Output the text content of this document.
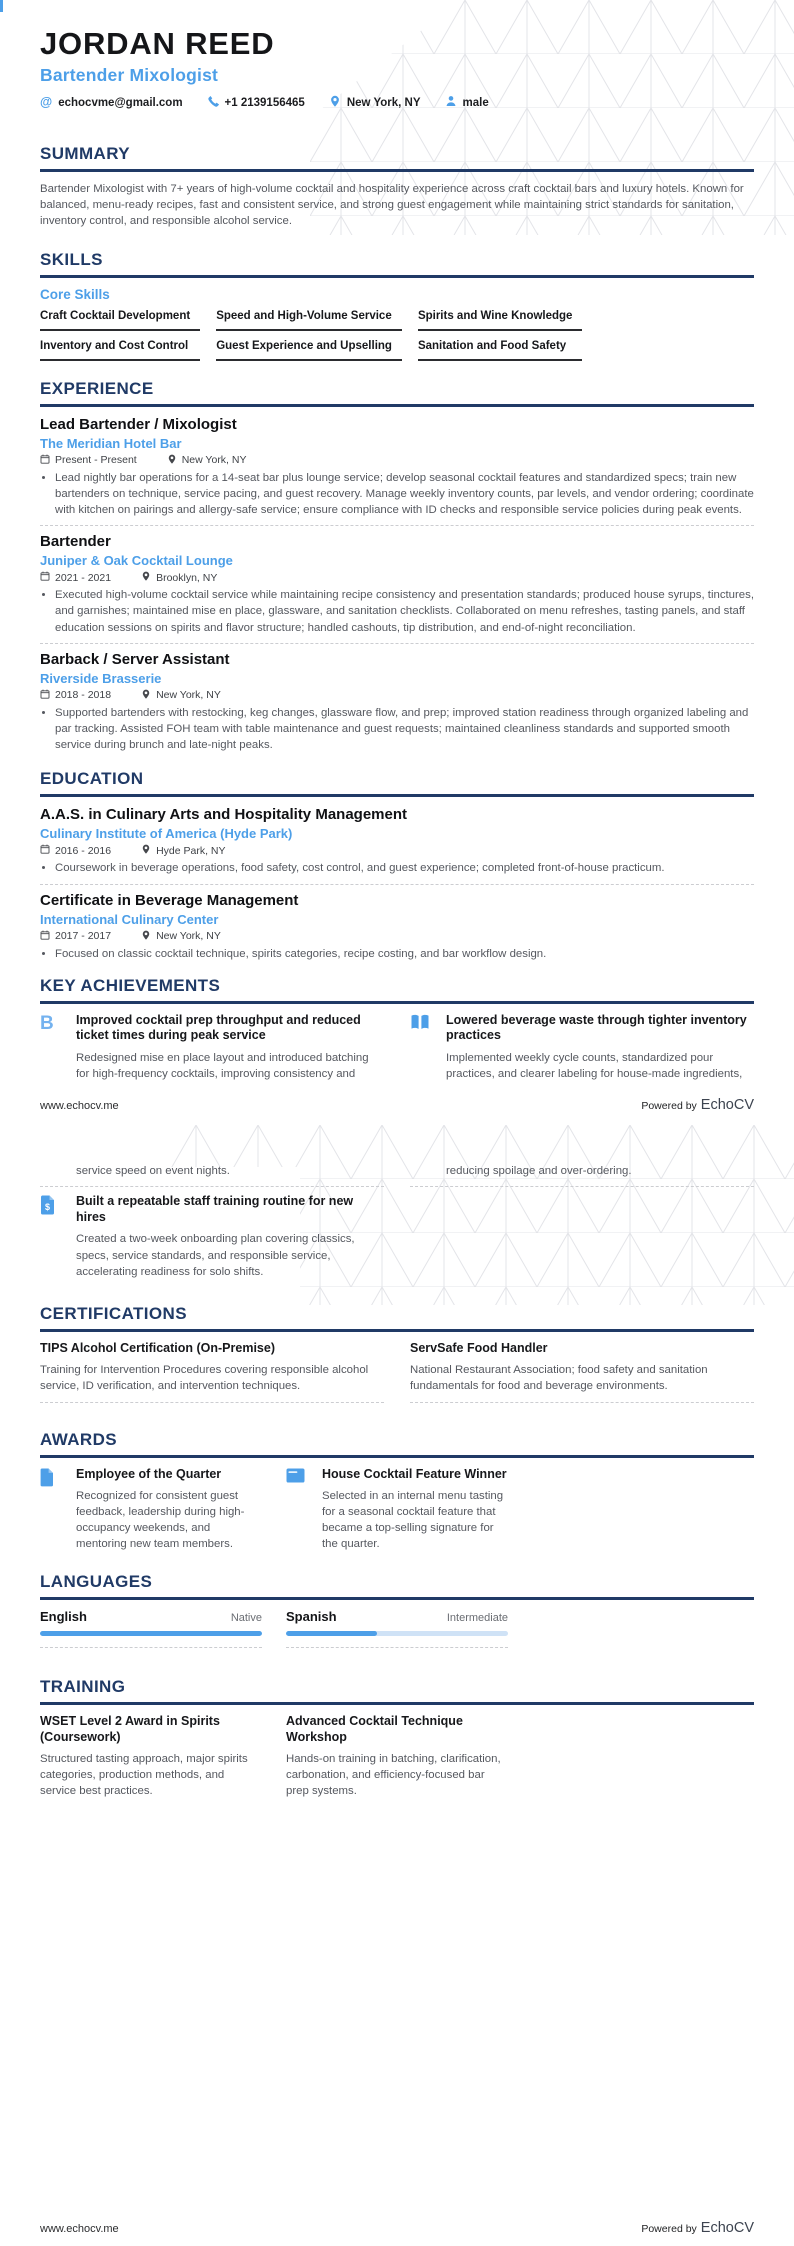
JORDAN REED
Bartender Mixologist
@ echocvme@gmail.com	+1 2139156465	New York, NY	male
SUMMARY

Bartender Mixologist with 7+ years of high-volume cocktail and hospitality experience across craft cocktail bars and luxury hotels. Known for balanced, menu-ready recipes, fast and consistent service, and strong guest engagement while maintaining strict standards for sanitation, inventory control, and responsible alcohol service.

SKILLS
Core Skills
Craft Cocktail Development	Speed and High-Volume Service	Spirits and Wine Knowledge
Inventory and Cost Control	Guest Experience and Upselling	Sanitation and Food Safety
EXPERIENCE
Lead Bartender / Mixologist
The Meridian Hotel Bar
Present - Present	New York, NY
• Lead nightly bar operations for a 14-seat bar plus lounge service; develop seasonal cocktail features and standardized specs; train new bartenders on technique, service pacing, and guest recovery. Manage weekly inventory counts, par levels, and vendor ordering; coordinate with kitchen on pairings and allergy-safe service; ensure compliance with ID checks and responsible service policies during peak events.
Bartender
Juniper & Oak Cocktail Lounge
2021 - 2021	Brooklyn, NY
• Executed high-volume cocktail service while maintaining recipe consistency and presentation standards; produced house syrups, tinctures, and garnishes; maintained mise en place, glassware, and sanitation checklists. Collaborated on menu refreshes, tasting panels, and staff education sessions on spirits and flavor structure; handled cashouts, tip distribution, and end-of-night reconciliation.
Barback / Server Assistant
Riverside Brasserie
2018 - 2018	New York, NY
• Supported bartenders with restocking, keg changes, glassware flow, and prep; improved station readiness through organized labeling and par tracking. Assisted FOH team with table maintenance and guest requests; maintained cleanliness standards and supported smooth service during brunch and late-night peaks.
EDUCATION
A.A.S. in Culinary Arts and Hospitality Management
Culinary Institute of America (Hyde Park)
2016 - 2016	Hyde Park, NY
• Coursework in beverage operations, food safety, cost control, and guest experience; completed front-of-house practicum.
Certificate in Beverage Management
International Culinary Center
2017 - 2017	New York, NY
• Focused on classic cocktail technique, spirits categories, recipe costing, and bar workflow design.
KEY ACHIEVEMENTS
B	Improved cocktail prep throughput and reduced ticket times during peak service
Redesigned mise en place layout and introduced batching for high-frequency cocktails, improving consistency and
Lowered beverage waste through tighter inventory practices
Implemented weekly cycle counts, standardized pour practices, and clearer labeling for house-made ingredients,
www.echocv.me	Powered by EchoCV
service speed on event nights.
$ Built a repeatable staff training routine for new hires
Created a two-week onboarding plan covering classics, specs, service standards, and responsible service, accelerating readiness for solo shifts.
reducing spoilage and over-ordering.
CERTIFICATIONS
TIPS Alcohol Certification (On-Premise)
Training for Intervention Procedures covering responsible alcohol service, ID verification, and intervention techniques.
ServSafe Food Handler
National Restaurant Association; food safety and sanitation fundamentals for food and beverage environments.
AWARDS
Employee of the Quarter
Recognized for consistent guest feedback, leadership during high-occupancy weekends, and mentoring new team members.
House Cocktail Feature Winner
Selected in an internal menu tasting for a seasonal cocktail feature that became a top-selling signature for the quarter.
LANGUAGES
English	Native Spanish	Intermediate
TRAINING
WSET Level 2 Award in Spirits (Coursework)
Structured tasting approach, major spirits categories, production methods, and service best practices.
Advanced Cocktail Technique Workshop
Hands-on training in batching, clarification, carbonation, and efficiency-focused bar prep systems.
www.echocv.me	Powered by EchoCV
